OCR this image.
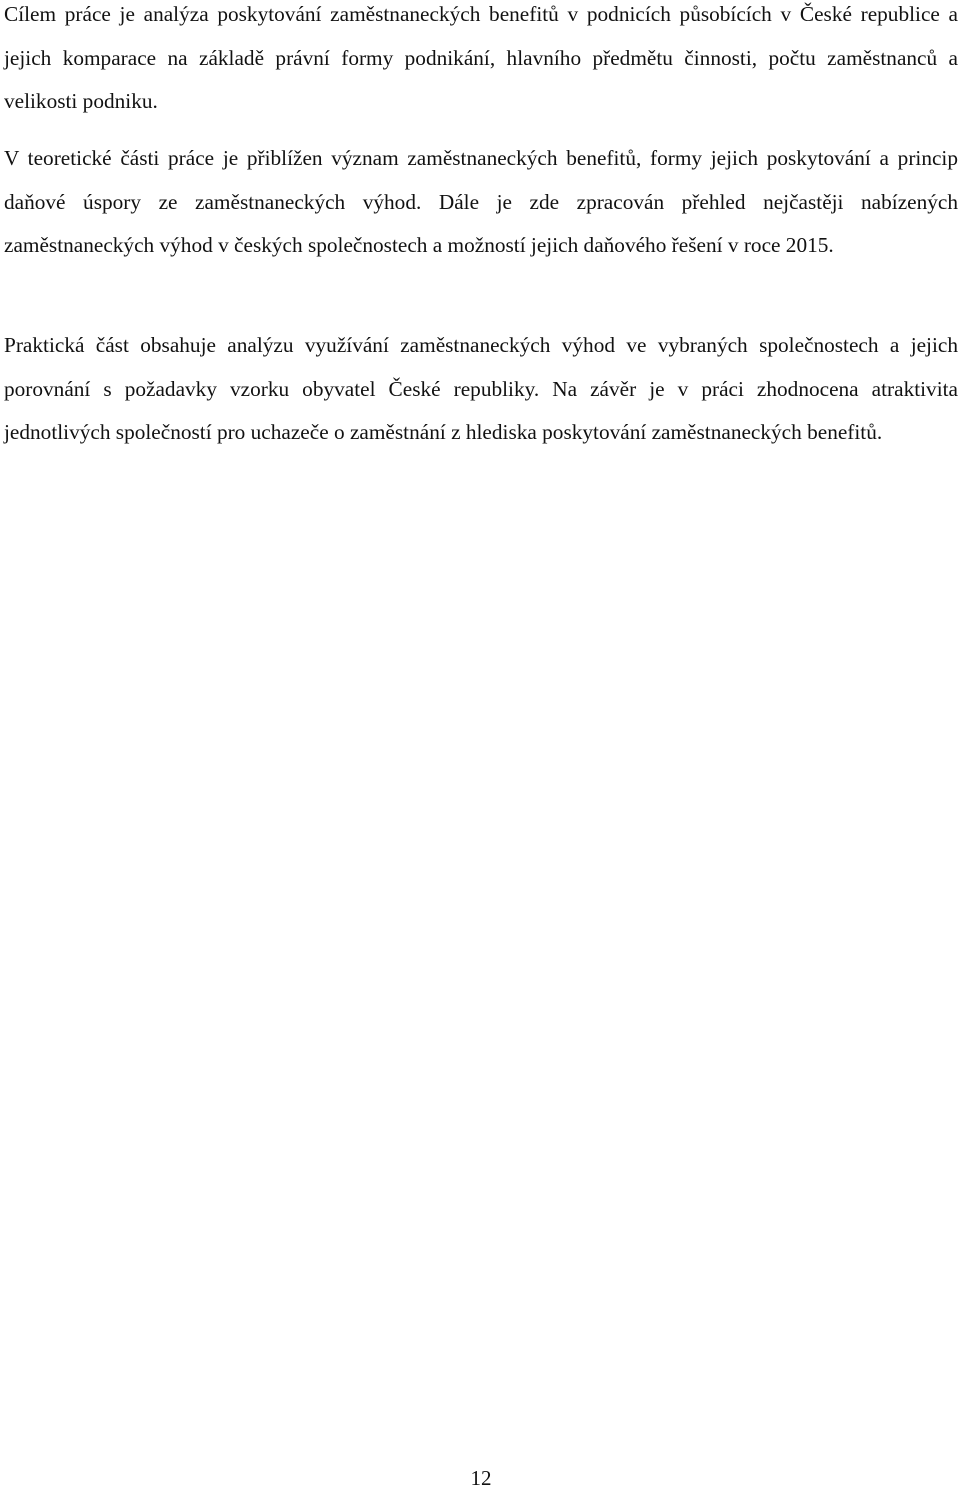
Cílem práce je analýza poskytování zaměstnaneckých benefitů v podnicích působících v České republice a jejich komparace na základě právní formy podnikání, hlavního předmětu činnosti, počtu zaměstnanců a velikosti podniku.

V teoretické části práce je přiblížen význam zaměstnaneckých benefitů, formy jejich poskytování a princip daňové úspory ze zaměstnaneckých výhod. Dále je zde zpracován přehled nejčastěji nabízených zaměstnaneckých výhod v českých společnostech a možností jejich daňového řešení v roce 2015.

Praktická část obsahuje analýzu využívání zaměstnaneckých výhod ve vybraných společnostech a jejich porovnání s požadavky vzorku obyvatel České republiky. Na závěr je v práci zhodnocena atraktivita jednotlivých společností pro uchazeče o zaměstnání z hlediska poskytování zaměstnaneckých benefitů.

12
